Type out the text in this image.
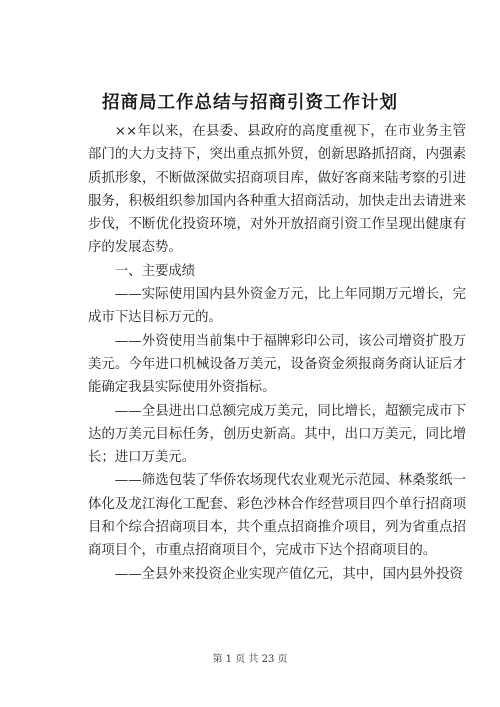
招商局工作总结与招商引资工作计划

××年以来，在县委、县政府的高度重视下，在市业务主管部门的大力支持下，突出重点抓外贸，创新思路抓招商，内强素质抓形象，不断做深做实招商项目库，做好客商来陆考察的引进服务，积极组织参加国内各种重大招商活动，加快走出去请进来步伐，不断优化投资环境，对外开放招商引资工作呈现出健康有序的发展态势。

一、主要成绩

——实际使用国内县外资金万元，比上年同期万元增长，完成市下达目标万元的。

——外资使用当前集中于福牌彩印公司，该公司增资扩股万美元。今年进口机械设备万美元，设备资金须报商务商认证后才能确定我县实际使用外资指标。

——全县进出口总额完成万美元，同比增长，超额完成市下达的万美元目标任务，创历史新高。其中，出口万美元，同比增长；进口万美元。

——筛选包装了华侨农场现代农业观光示范园、林桑浆纸一体化及龙江海化工配套、彩色沙林合作经营项目四个单行招商项目和个综合招商项目本，共个重点招商推介项目，列为省重点招商项目个，市重点招商项目个，完成市下达个招商项目的。

——全县外来投资企业实现产值亿元，其中，国内县外投资

第 1 页 共 23 页
